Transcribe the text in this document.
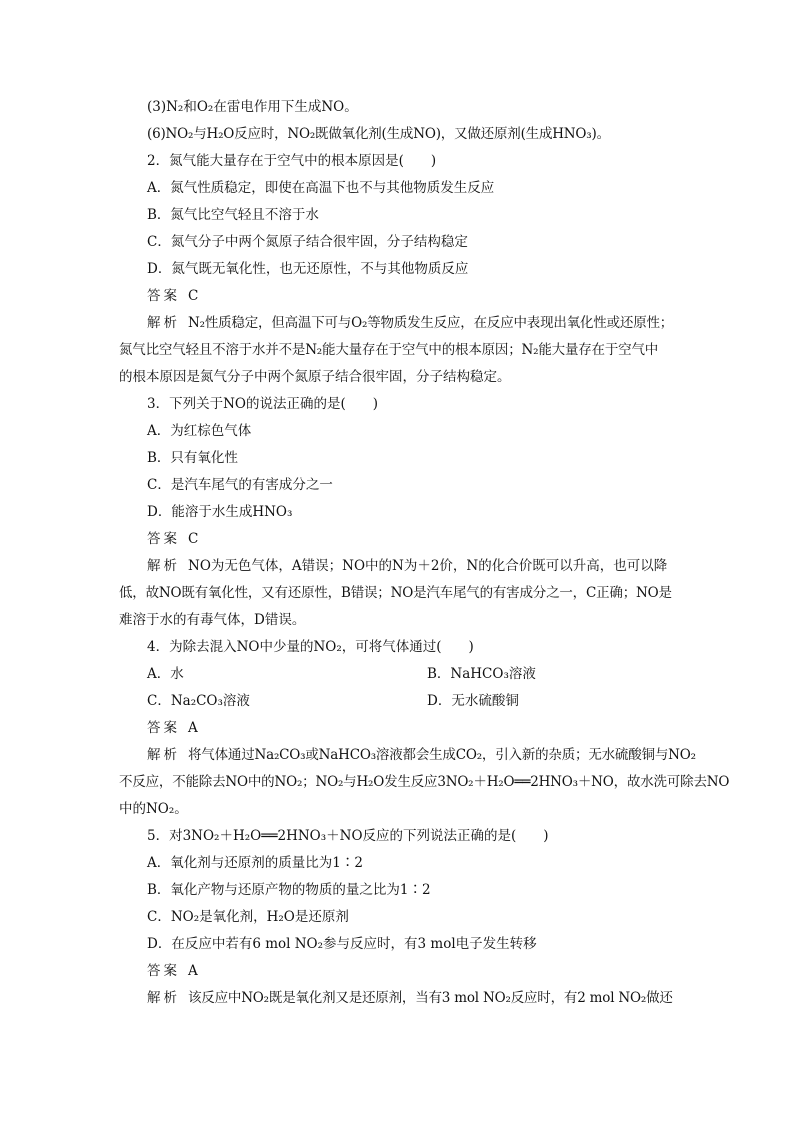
(3)N₂和O₂在雷电作用下生成NO。
(6)NO₂与H₂O反应时，NO₂既做氧化剂(生成NO)，又做还原剂(生成HNO₃)。
2．氮气能大量存在于空气中的根本原因是(　　)
A．氮气性质稳定，即使在高温下也不与其他物质发生反应
B．氮气比空气轻且不溶于水
C．氮气分子中两个氮原子结合很牢固，分子结构稳定
D．氮气既无氧化性，也无还原性，不与其他物质反应
答案 C
解析 N₂性质稳定，但高温下可与O₂等物质发生反应，在反应中表现出氧化性或还原性；
氮气比空气轻且不溶于水并不是N₂能大量存在于空气中的根本原因；N₂能大量存在于空气中
的根本原因是氮气分子中两个氮原子结合很牢固，分子结构稳定。
3．下列关于NO的说法正确的是(　　)
A．为红棕色气体
B．只有氧化性
C．是汽车尾气的有害成分之一
D．能溶于水生成HNO₃
答案 C
解析 NO为无色气体，A错误；NO中的N为＋2价，N的化合价既可以升高，也可以降
低，故NO既有氧化性，又有还原性，B错误；NO是汽车尾气的有害成分之一，C正确；NO是
难溶于水的有毒气体，D错误。
4．为除去混入NO中少量的NO₂，可将气体通过(　　)
A．水	B．NaHCO₃溶液
C．Na₂CO₃溶液	D．无水硫酸铜
答案 A
解析 将气体通过Na₂CO₃或NaHCO₃溶液都会生成CO₂，引入新的杂质；无水硫酸铜与NO₂
不反应，不能除去NO中的NO₂；NO₂与H₂O发生反应3NO₂＋H₂O══2HNO₃＋NO，故水洗可除去NO
中的NO₂。
5．对3NO₂＋H₂O══2HNO₃＋NO反应的下列说法正确的是(　　)
A．氧化剂与还原剂的质量比为1∶2
B．氧化产物与还原产物的物质的量之比为1∶2
C．NO₂是氧化剂，H₂O是还原剂
D．在反应中若有6 mol NO₂参与反应时，有3 mol电子发生转移
答案 A
解析 该反应中NO₂既是氧化剂又是还原剂，当有3 mol NO₂反应时，有2 mol NO₂做还
